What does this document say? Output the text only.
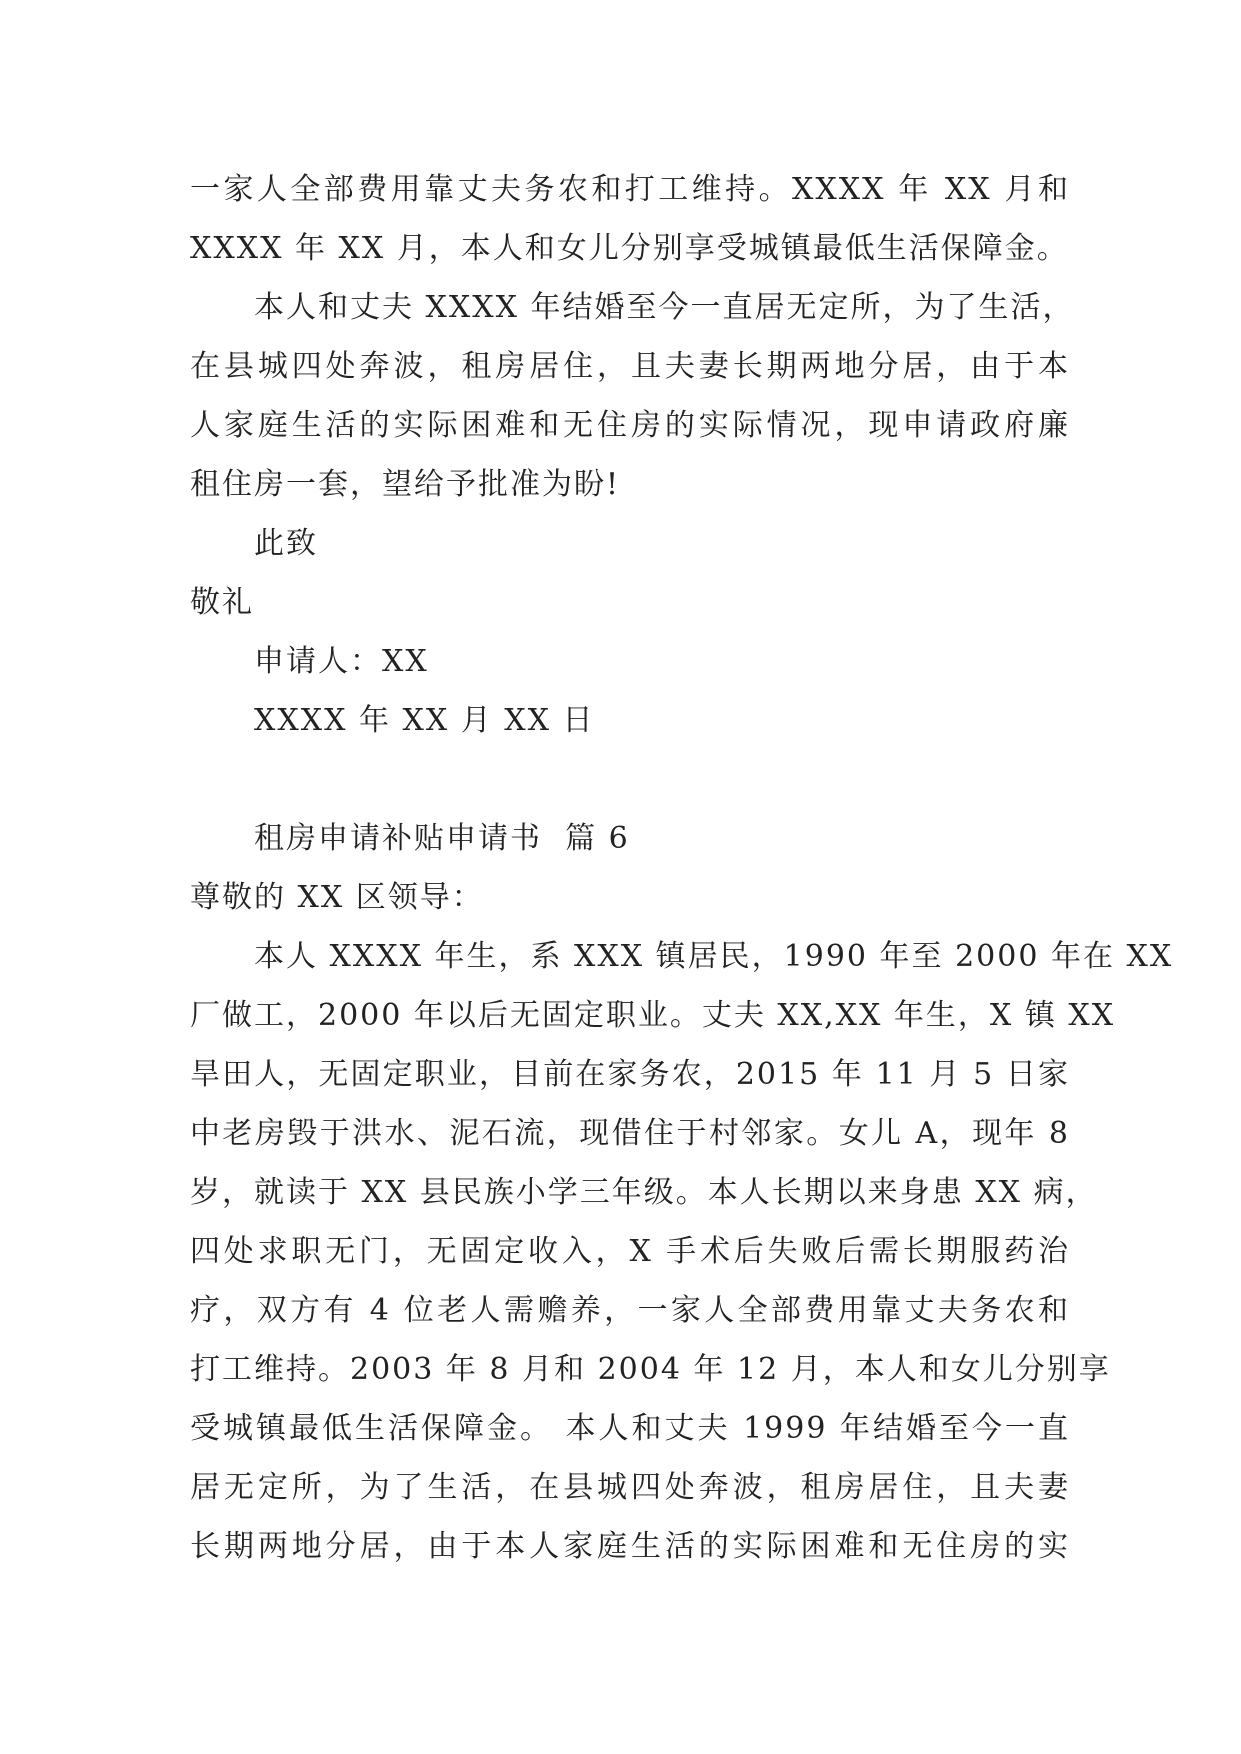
一家人全部费用靠丈夫务农和打工维持。XXXX 年 XX 月和
XXXX 年 XX 月，本人和女儿分别享受城镇最低生活保障金。
本人和丈夫 XXXX 年结婚至今一直居无定所，为了生活，
在县城四处奔波，租房居住，且夫妻长期两地分居，由于本
人家庭生活的实际困难和无住房的实际情况，现申请政府廉
租住房一套，望给予批准为盼!
此致
敬礼
申请人：XX
XXXX 年 XX 月 XX 日
租房申请补贴申请书  篇 6
尊敬的 XX 区领导：
本人 XXXX 年生，系 XXX 镇居民，1990 年至 2000 年在 XX
厂做工，2000 年以后无固定职业。丈夫 XX,XX 年生，X 镇 XX
旱田人，无固定职业，目前在家务农，2015 年 11 月 5 日家
中老房毁于洪水、泥石流，现借住于村邻家。女儿 A，现年 8
岁，就读于 XX 县民族小学三年级。本人长期以来身患 XX 病，
四处求职无门，无固定收入，X 手术后失败后需长期服药治
疗，双方有 4 位老人需赡养，一家人全部费用靠丈夫务农和
打工维持。2003 年 8 月和 2004 年 12 月，本人和女儿分别享
受城镇最低生活保障金。 本人和丈夫 1999 年结婚至今一直
居无定所，为了生活，在县城四处奔波，租房居住，且夫妻
长期两地分居，由于本人家庭生活的实际困难和无住房的实
